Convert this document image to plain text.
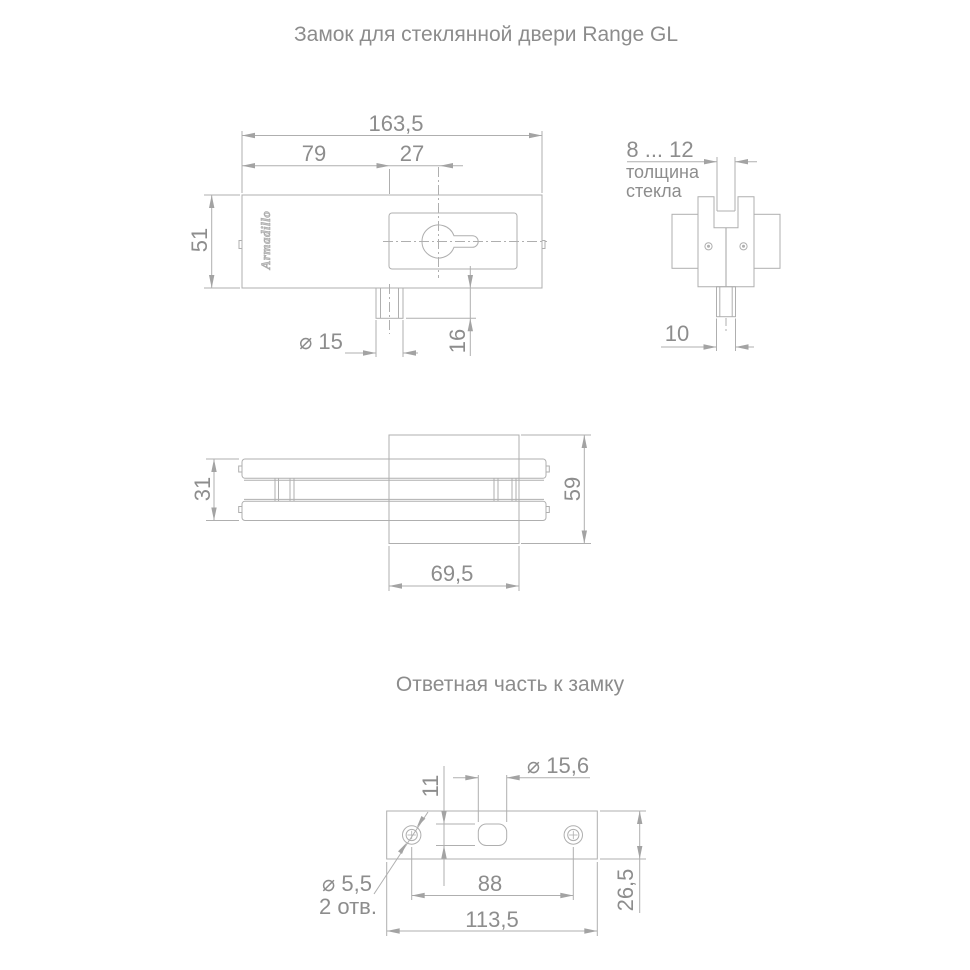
Замок для стеклянной двери Range GL
Ответная часть к замку
163,5
79	27
51
⌀ 15	16
8 ... 12
толщина
стекла
10
31	59
69,5
11
⌀ 15,6
⌀ 5,5
2 отв.
88
113,5
26,5
Armadillo
